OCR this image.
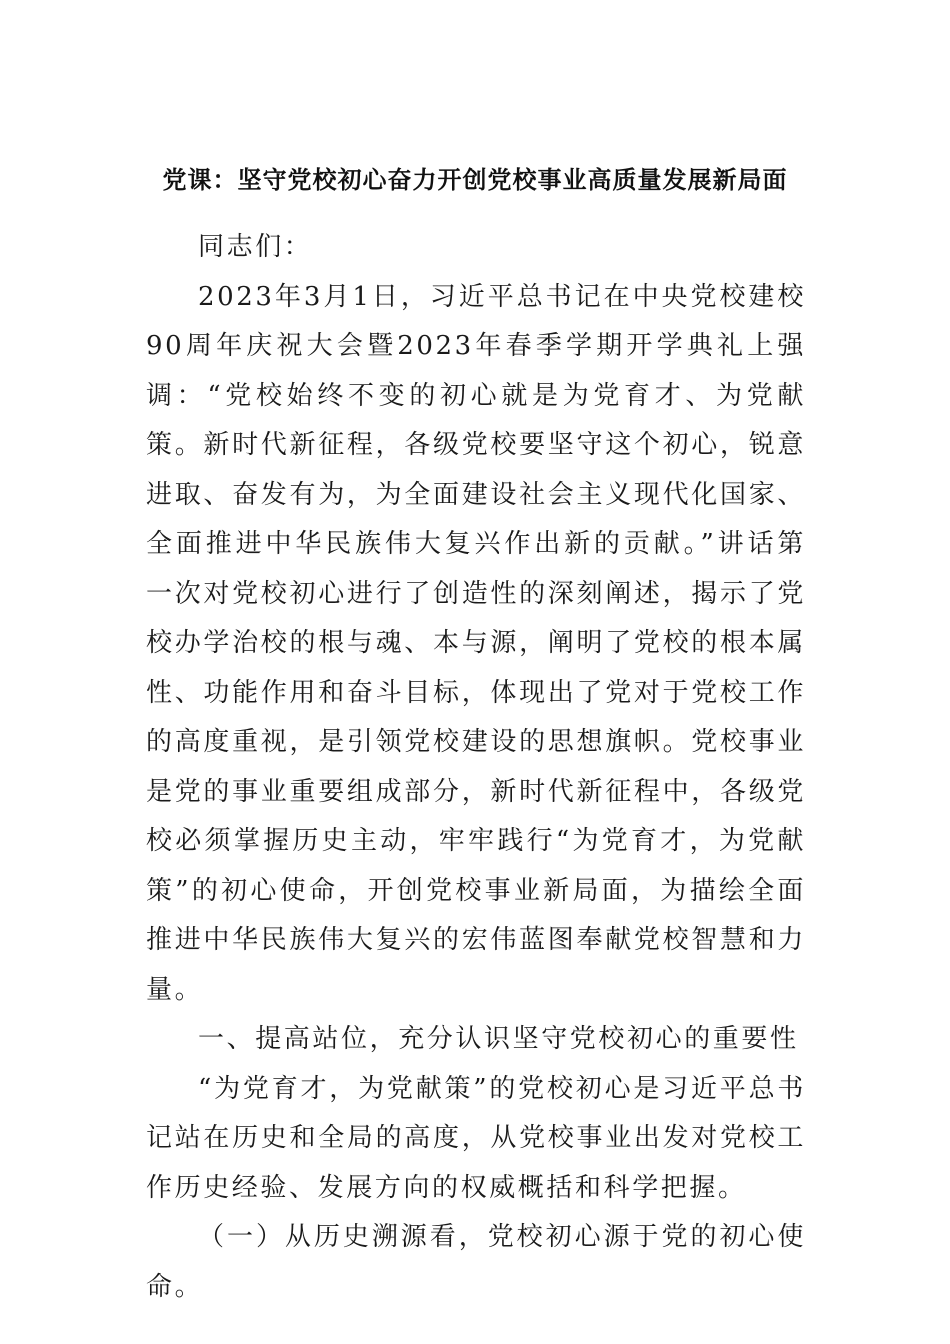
党课：坚守党校初心奋力开创党校事业高质量发展新局面

同志们：

2023年3月1日，习近平总书记在中央党校建校90周年庆祝大会暨2023年春季学期开学典礼上强调：“党校始终不变的初心就是为党育才、为党献策。新时代新征程，各级党校要坚守这个初心，锐意进取、奋发有为，为全面建设社会主义现代化国家、全面推进中华民族伟大复兴作出新的贡献。”讲话第一次对党校初心进行了创造性的深刻阐述，揭示了党校办学治校的根与魂、本与源，阐明了党校的根本属性、功能作用和奋斗目标，体现出了党对于党校工作的高度重视，是引领党校建设的思想旗帜。党校事业是党的事业重要组成部分，新时代新征程中，各级党校必须掌握历史主动，牢牢践行“为党育才，为党献策”的初心使命，开创党校事业新局面，为描绘全面推进中华民族伟大复兴的宏伟蓝图奉献党校智慧和力量。

一、提高站位，充分认识坚守党校初心的重要性

“为党育才，为党献策”的党校初心是习近平总书记站在历史和全局的高度，从党校事业出发对党校工作历史经验、发展方向的权威概括和科学把握。

（一）从历史溯源看，党校初心源于党的初心使命。
